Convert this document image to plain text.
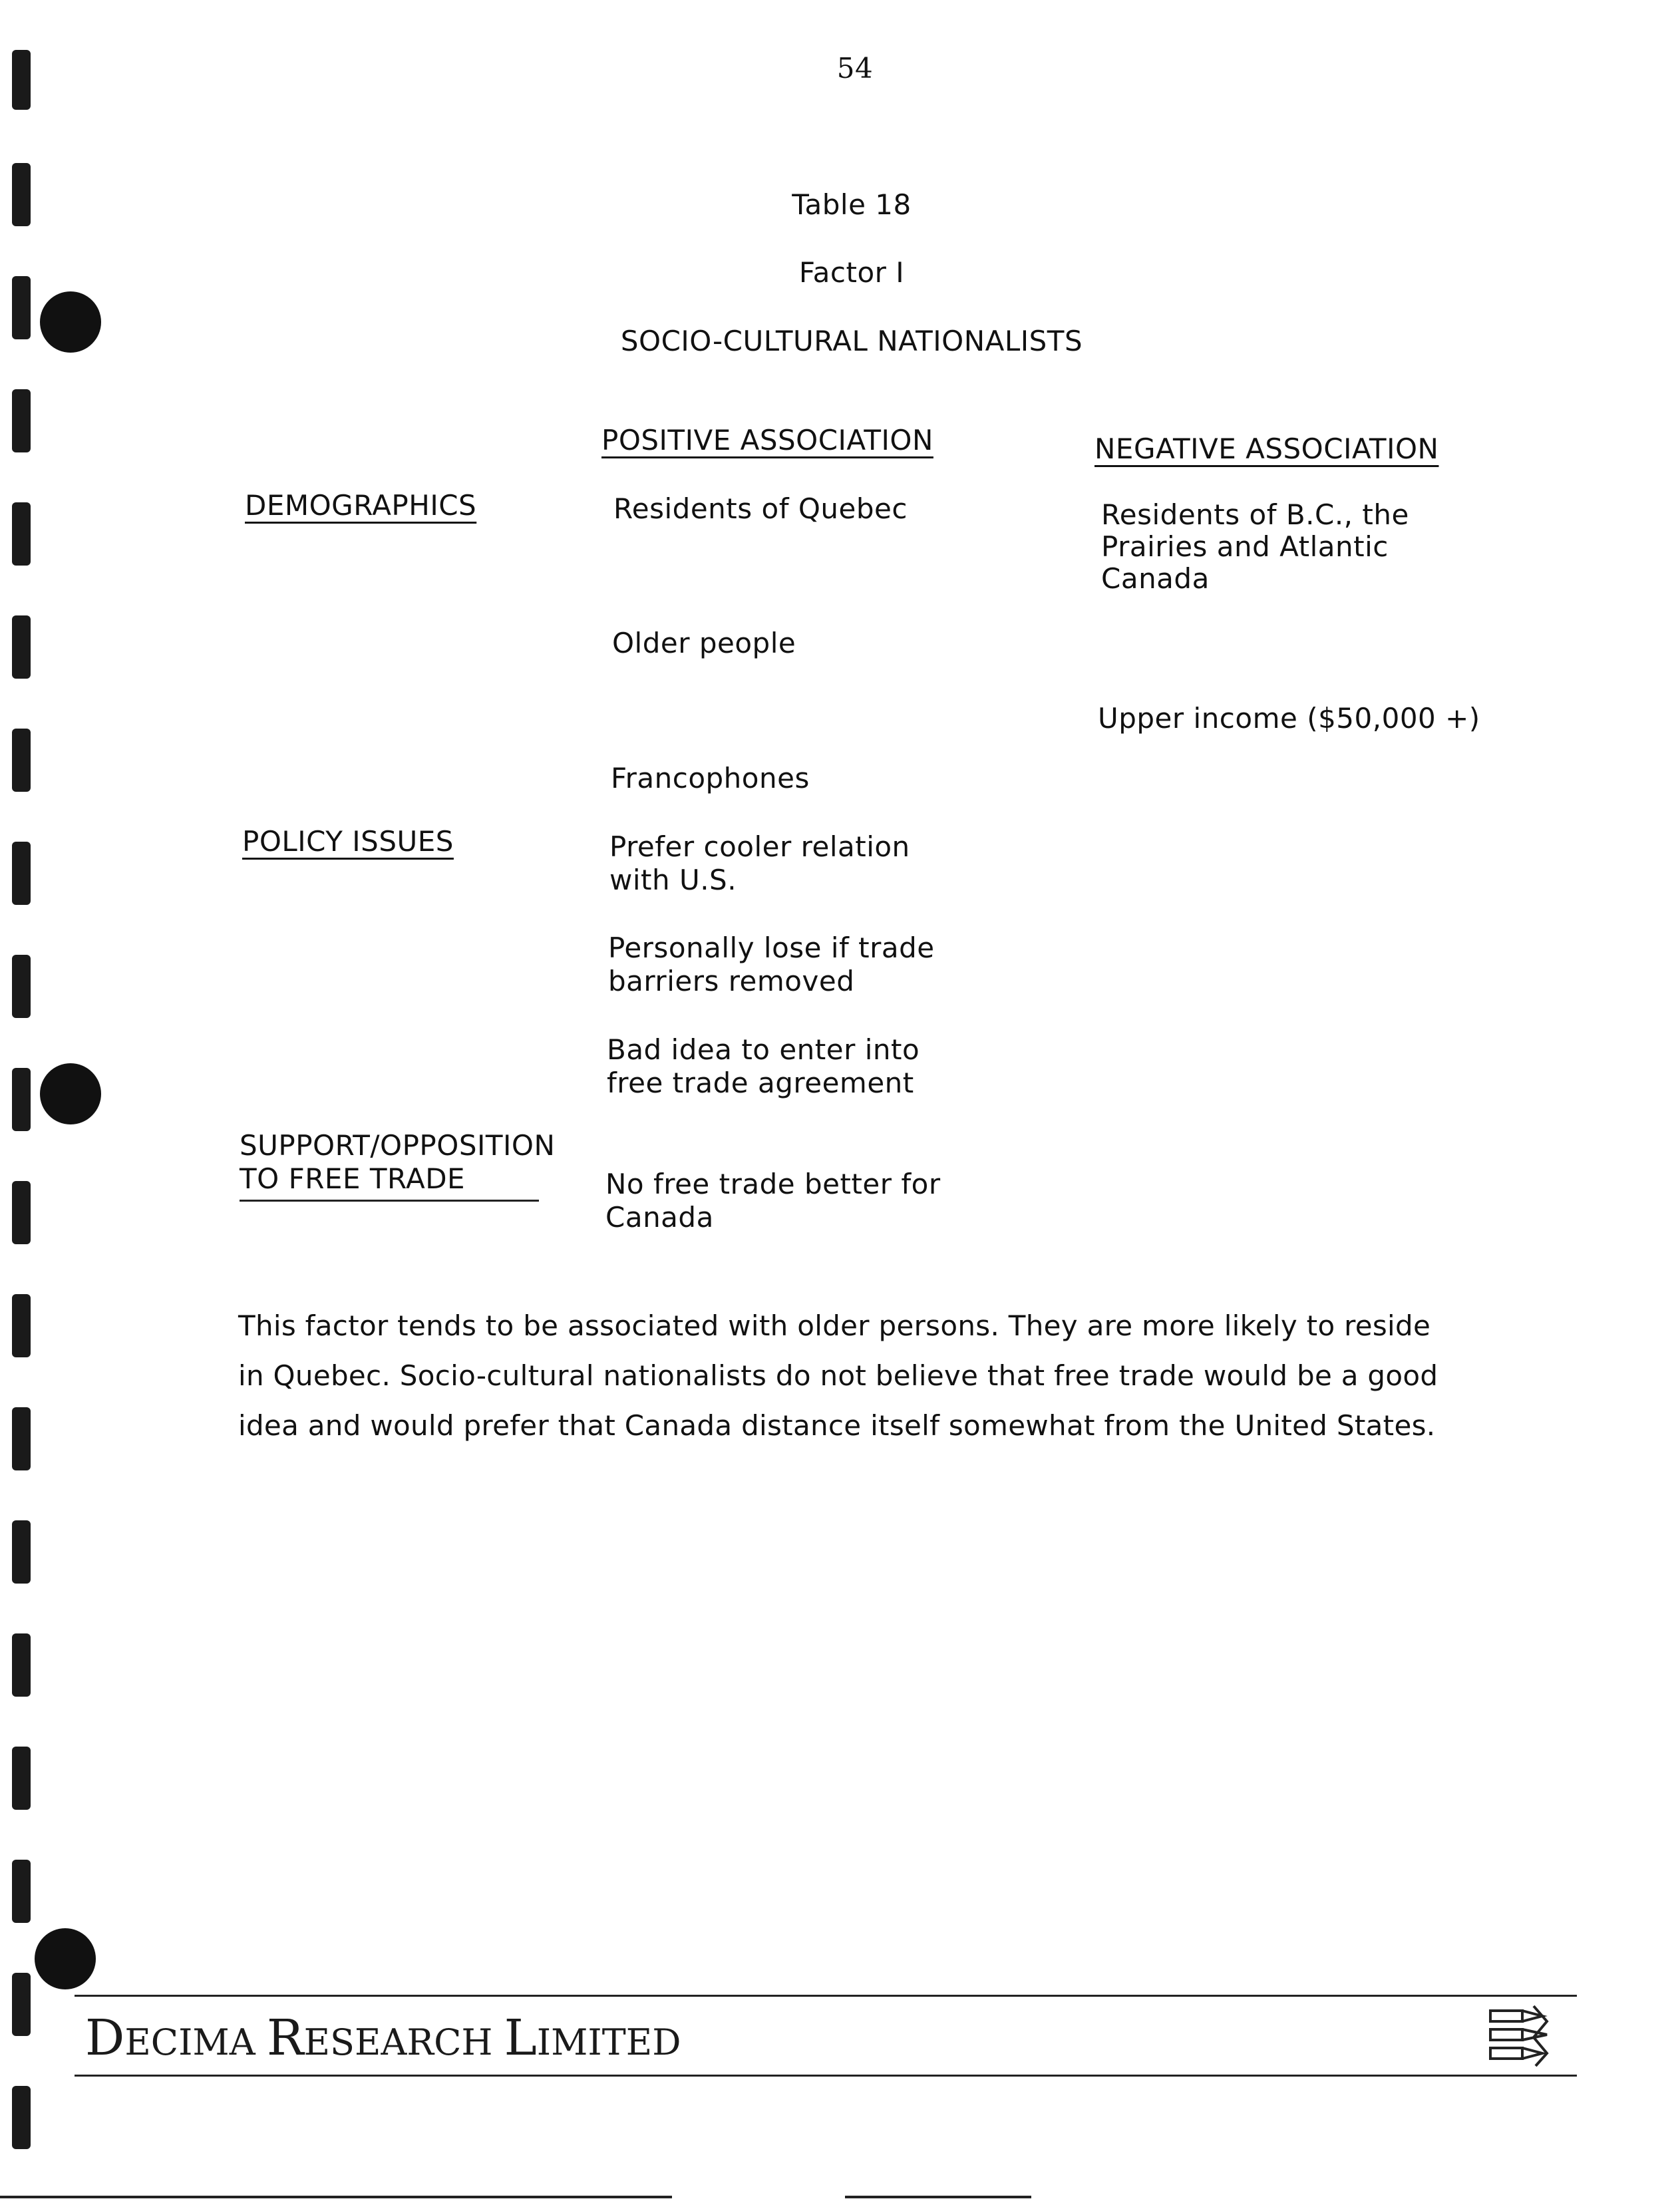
54
Table 18
Factor I
SOCIO-CULTURAL NATIONALISTS
POSITIVE ASSOCIATION	NEGATIVE ASSOCIATION
DEMOGRAPHICS
POLICY ISSUES
SUPPORT/OPPOSITION
TO FREE TRADE
Residents of Quebec
Older people
Francophones
Prefer cooler relation
with U.S.
Personally lose if trade
barriers removed
Bad idea to enter into
free trade agreement
No free trade better for
Canada
Residents of B.C., the
Prairies and Atlantic
Canada
Upper income ($50,000 +)
This factor tends to be associated with older persons. They are more likely to reside
in Quebec. Socio-cultural nationalists do not believe that free trade would be a good
idea and would prefer that Canada distance itself somewhat from the United States.
DECIMA RESEARCH LIMITED
